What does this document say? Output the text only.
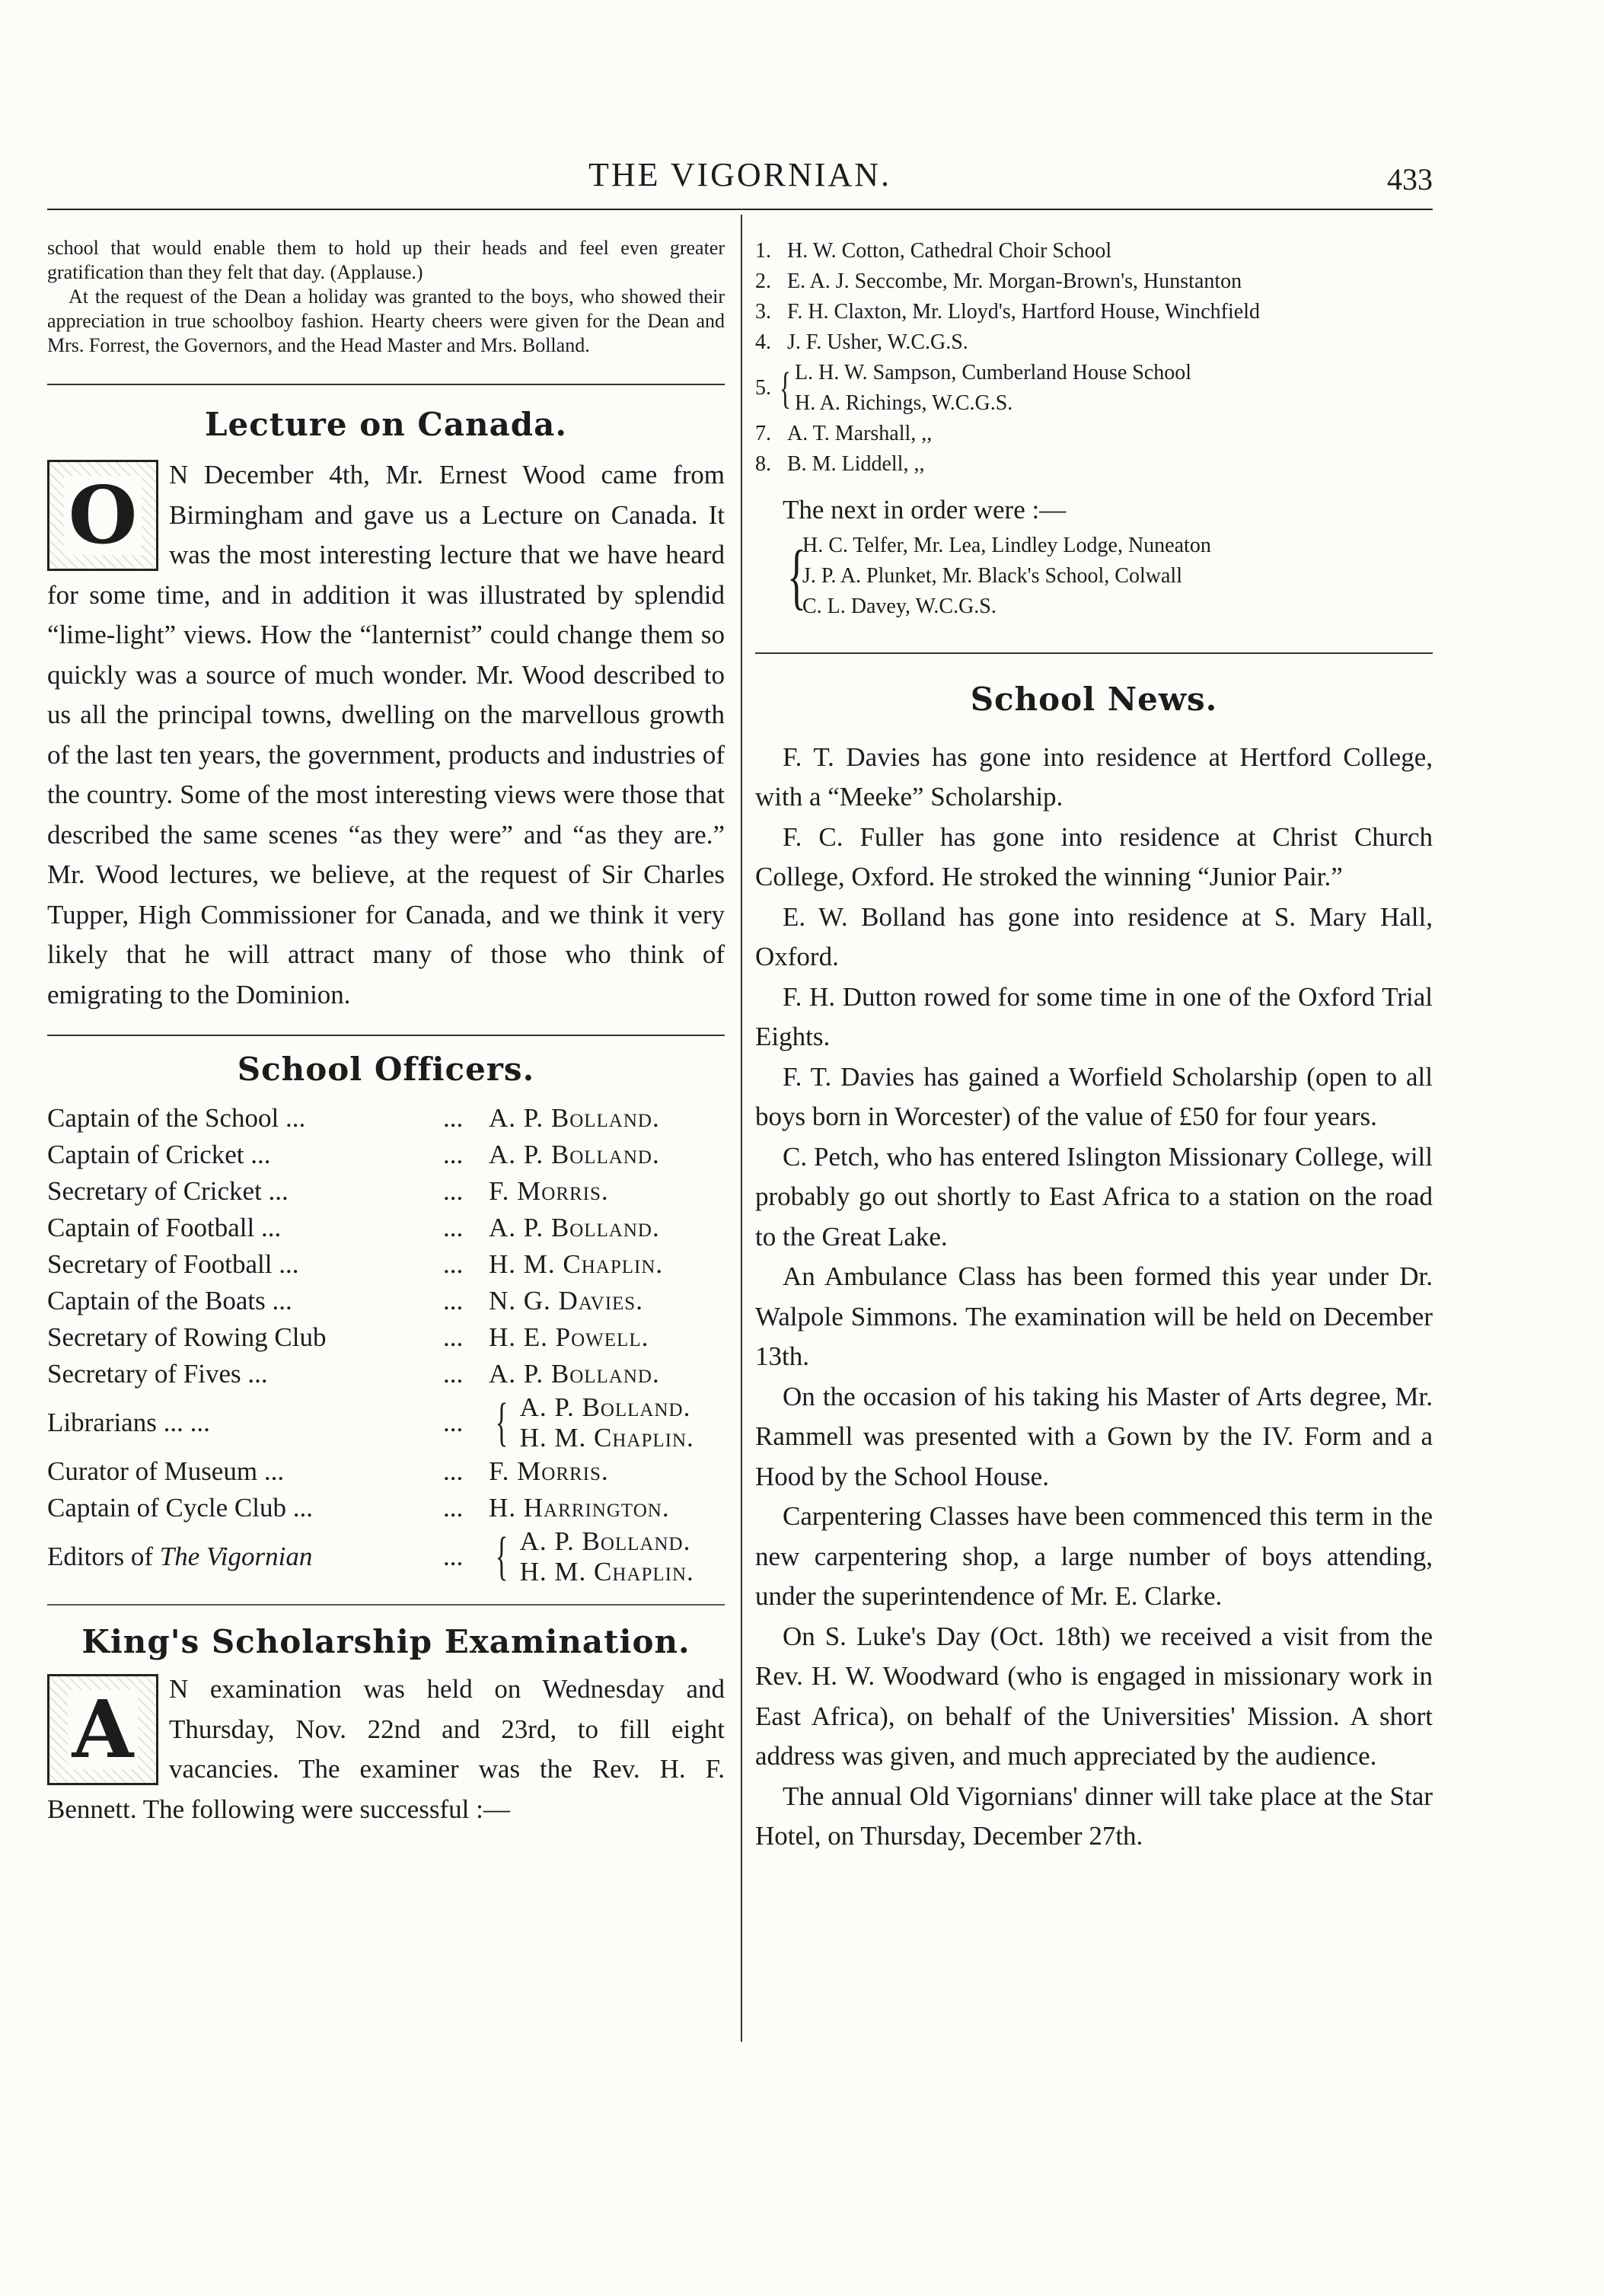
THE VIGORNIAN.	433

school that would enable them to hold up their heads and feel even greater gratification than they felt that day. (Applause.)

At the request of the Dean a holiday was granted to the boys, who showed their appreciation in true schoolboy fashion. Hearty cheers were given for the Dean and Mrs. Forrest, the Governors, and the Head Master and Mrs. Bolland.

Lecture on Canada.
O N December 4th, Mr. Ernest Wood came from Birmingham and gave us a Lecture on Canada. It was the most interesting lecture that we have heard for some time, and in addition it was illustrated by splendid “lime-light” views. How the “lanternist” could change them so quickly was a source of much wonder. Mr. Wood described to us all the principal towns, dwelling on the marvellous growth of the last ten years, the government, products and industries of the country. Some of the most interesting views were those that described the same scenes “as they were” and “as they are.” Mr. Wood lectures, we believe, at the request of Sir Charles Tupper, High Commissioner for Canada, and we think it very likely that he will attract many of those who think of emigrating to the Dominion.
School Officers.
Captain of the School ...	...	A. P. Bolland.
Captain of Cricket ...	...	A. P. Bolland.
Secretary of Cricket ...	...	F. Morris.
Captain of Football ...	...	A. P. Bolland.
Secretary of Football ...	...	H. M. Chaplin.
Captain of the Boats ...	...	N. G. Davies.
Secretary of Rowing Club	...	H. E. Powell.
Secretary of Fives ...	...	A. P. Bolland.
Librarians ... ...	...	{ A. P. Bolland.
H. M. Chaplin.

Curator of Museum ...	...	F. Morris.
Captain of Cycle Club ...	...	H. Harrington.
Editors of The Vigornian	...	{ A. P. Bolland.
H. M. Chaplin.
King's Scholarship Examination.
A N examination was held on Wednesday and Thursday, Nov. 22nd and 23rd, to fill eight vacancies. The examiner was the Rev. H. F. Bennett. The following were successful :—
1. H. W. Cotton, Cathedral Choir School
2. E. A. J. Seccombe, Mr. Morgan-Brown's, Hunstanton
3. F. H. Claxton, Mr. Lloyd's, Hartford House, Winchfield
4. J. F. Usher, W.C.G.S.
5. { L. H. W. Sampson, Cumberland House School
H. A. Richings, W.C.G.S.
7. A. T. Marshall, ,,
8. B. M. Liddell, ,,

The next in order were :—

{
H. C. Telfer, Mr. Lea, Lindley Lodge, Nuneaton
J. P. A. Plunket, Mr. Black's School, Colwall
C. L. Davey, W.C.G.S.
School News.

F. T. Davies has gone into residence at Hertford College, with a “Meeke” Scholarship.

F. C. Fuller has gone into residence at Christ Church College, Oxford. He stroked the winning “Junior Pair.”

E. W. Bolland has gone into residence at S. Mary Hall, Oxford.

F. H. Dutton rowed for some time in one of the Oxford Trial Eights.

F. T. Davies has gained a Worfield Scholarship (open to all boys born in Worcester) of the value of £50 for four years.

C. Petch, who has entered Islington Missionary College, will probably go out shortly to East Africa to a station on the road to the Great Lake.

An Ambulance Class has been formed this year under Dr. Walpole Simmons. The examination will be held on December 13th.

On the occasion of his taking his Master of Arts degree, Mr. Rammell was presented with a Gown by the IV. Form and a Hood by the School House.

Carpentering Classes have been commenced this term in the new carpentering shop, a large number of boys attending, under the superintendence of Mr. E. Clarke.

On S. Luke's Day (Oct. 18th) we received a visit from the Rev. H. W. Woodward (who is engaged in missionary work in East Africa), on behalf of the Universities' Mission. A short address was given, and much appreciated by the audience.

The annual Old Vigornians' dinner will take place at the Star Hotel, on Thursday, December 27th.
